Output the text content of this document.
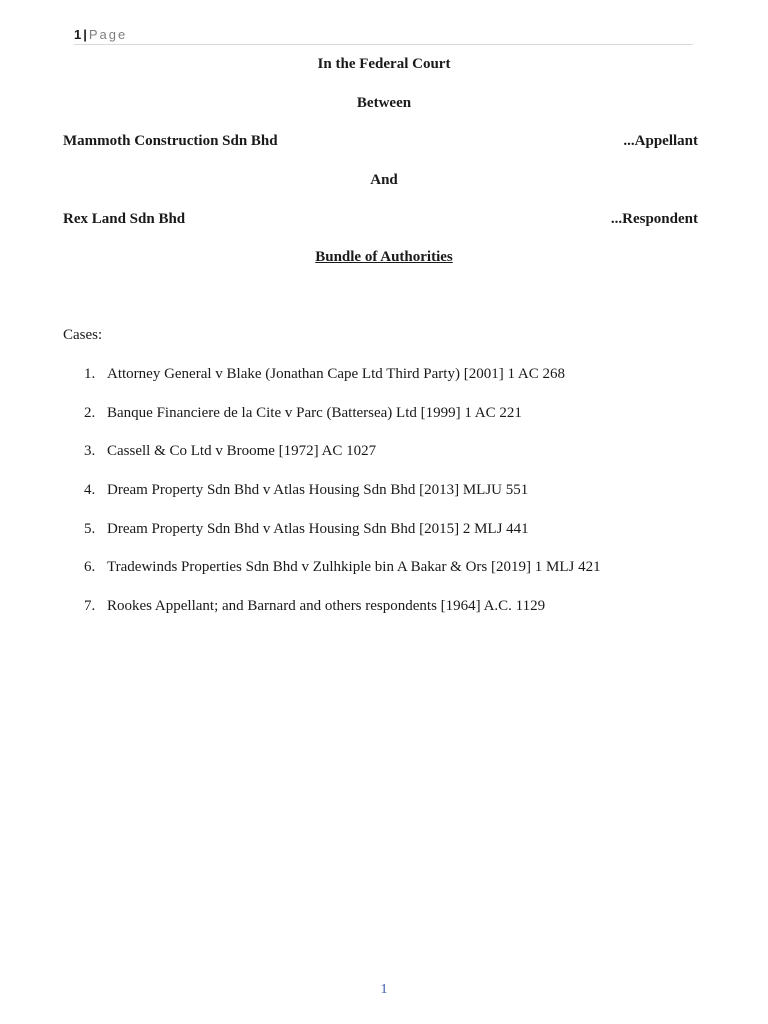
1 | Page
In the Federal Court
Between
Mammoth Construction Sdn Bhd	...Appellant
And
Rex Land Sdn Bhd	...Respondent
Bundle of Authorities
Cases:
1. Attorney General v Blake (Jonathan Cape Ltd Third Party) [2001] 1 AC 268
2. Banque Financiere de la Cite v Parc (Battersea) Ltd [1999] 1 AC 221
3. Cassell & Co Ltd v Broome [1972] AC 1027
4. Dream Property Sdn Bhd v Atlas Housing Sdn Bhd [2013] MLJU 551
5. Dream Property Sdn Bhd v Atlas Housing Sdn Bhd [2015] 2 MLJ 441
6. Tradewinds Properties Sdn Bhd v Zulhkiple bin A Bakar & Ors [2019] 1 MLJ 421
7. Rookes Appellant; and Barnard and others respondents [1964] A.C. 1129
1
